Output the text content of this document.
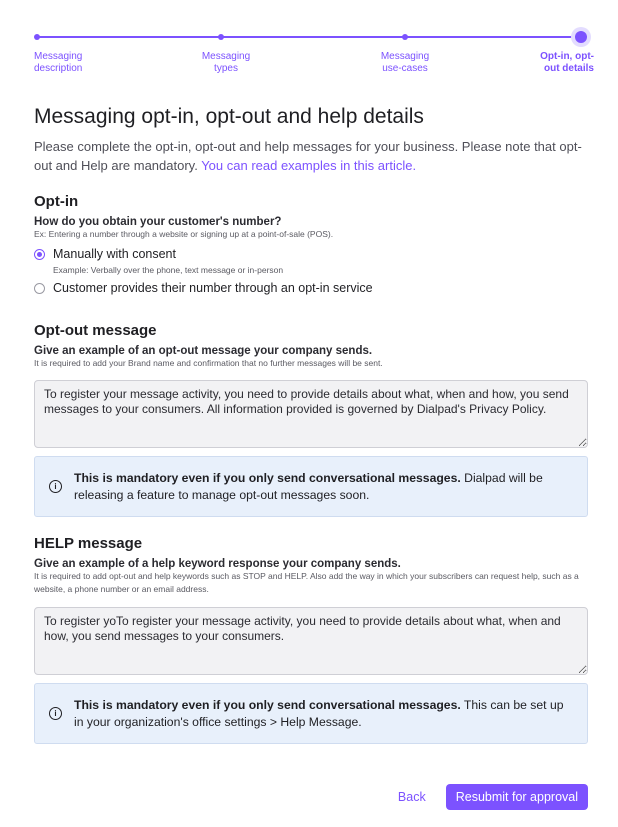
Messaging
description
Messaging
types
Messaging
use-cases
Opt-in, opt-
out details
Messaging opt-in, opt-out and help details
Please complete the opt-in, opt-out and help messages for your business. Please note that opt-out and Help are mandatory. You can read examples in this article.
Opt-in
How do you obtain your customer's number?
Ex: Entering a number through a website or signing up at a point-of-sale (POS).
Manually with consent
Example: Verbally over the phone, text message or in-person
Customer provides their number through an opt-in service
Opt-out message
Give an example of an opt-out message your company sends.
It is required to add your Brand name and confirmation that no further messages will be sent.
To register your message activity, you need to provide details about what, when and how, you send messages to your consumers. All information provided is governed by Dialpad's Privacy Policy.
i
This is mandatory even if you only send conversational messages. Dialpad will be releasing a feature to manage opt-out messages soon.
HELP message
Give an example of a help keyword response your company sends.
It is required to add opt-out and help keywords such as STOP and HELP. Also add the way in which your subscribers can request help, such as a website, a phone number or an email address.
To register yoTo register your message activity, you need to provide details about what, when and how, you send messages to your consumers.
i
This is mandatory even if you only send conversational messages. This can be set up in your organization's office settings > Help Message.
Back	Resubmit for approval
